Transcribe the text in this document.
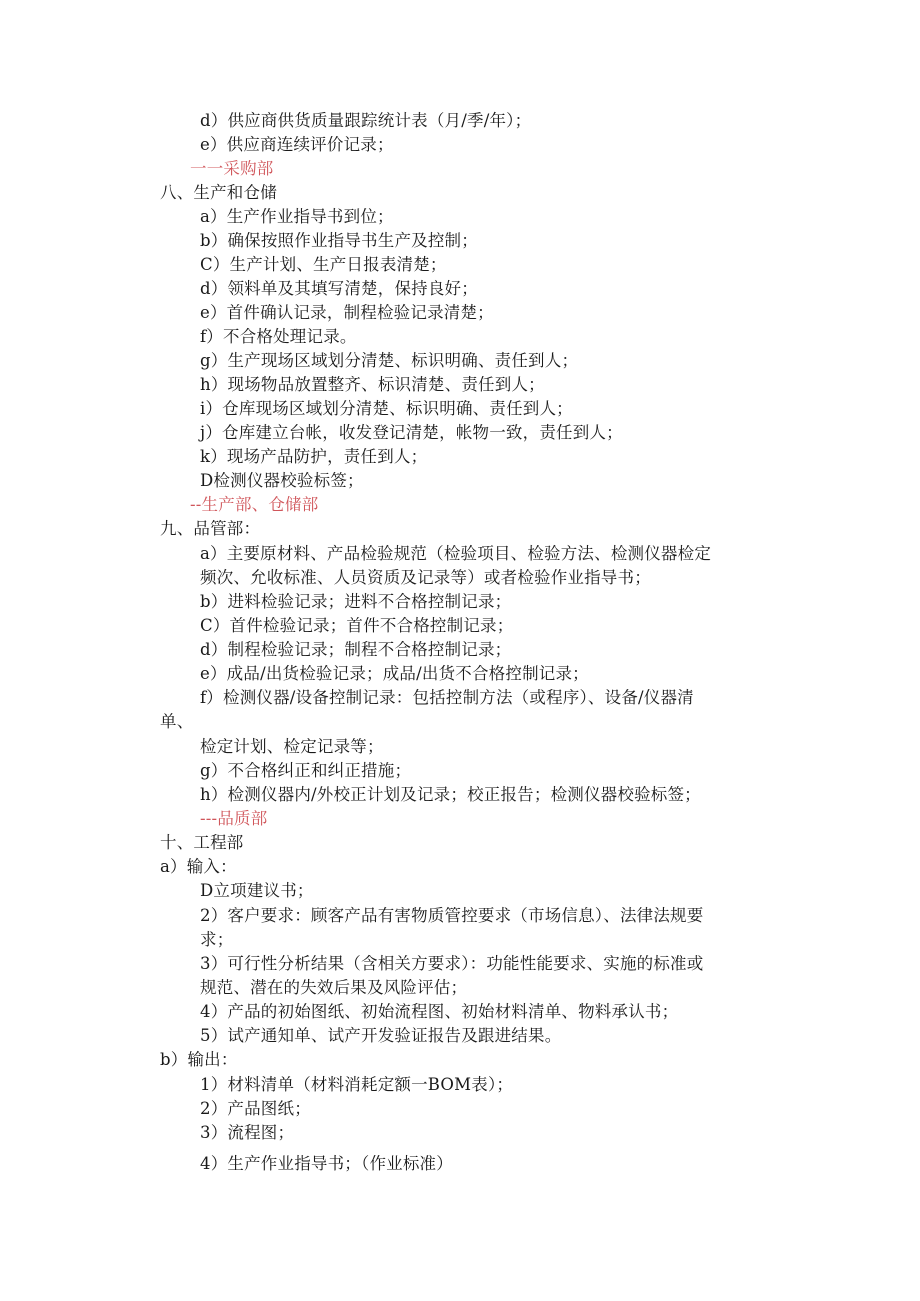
d）供应商供货质量跟踪统计表（月/季/年）；
e）供应商连续评价记录；
一一采购部
八、生产和仓储
a）生产作业指导书到位；
b）确保按照作业指导书生产及控制；
C）生产计划、生产日报表清楚；
d）领料单及其填写清楚，保持良好；
e）首件确认记录，制程检验记录清楚；
f）不合格处理记录。
g）生产现场区域划分清楚、标识明确、责任到人；
h）现场物品放置整齐、标识清楚、责任到人；
i）仓库现场区域划分清楚、标识明确、责任到人；
j）仓库建立台帐，收发登记清楚，帐物一致，责任到人；
k）现场产品防护，责任到人；
D检测仪器校验标签；
--生产部、仓储部
九、品管部：
a）主要原材料、产品检验规范（检验项目、检验方法、检测仪器检定
频次、允收标准、人员资质及记录等）或者检验作业指导书；
b）进料检验记录；进料不合格控制记录；
C）首件检验记录；首件不合格控制记录；
d）制程检验记录；制程不合格控制记录；
e）成品/出货检验记录；成品/出货不合格控制记录；
f）检测仪器/设备控制记录：包括控制方法（或程序）、设备/仪器清
单、
检定计划、检定记录等；
g）不合格纠正和纠正措施；
h）检测仪器内/外校正计划及记录；校正报告；检测仪器校验标签；
---品质部
十、工程部
a）输入：
D立项建议书；
2）客户要求：顾客产品有害物质管控要求（市场信息）、法律法规要
求；
3）可行性分析结果（含相关方要求）：功能性能要求、实施的标准或
规范、潜在的失效后果及风险评估；
4）产品的初始图纸、初始流程图、初始材料清单、物料承认书；
5）试产通知单、试产开发验证报告及跟进结果。
b）输出：
1）材料清单（材料消耗定额一BOM表）；
2）产品图纸；
3）流程图；
4）生产作业指导书；（作业标准）
